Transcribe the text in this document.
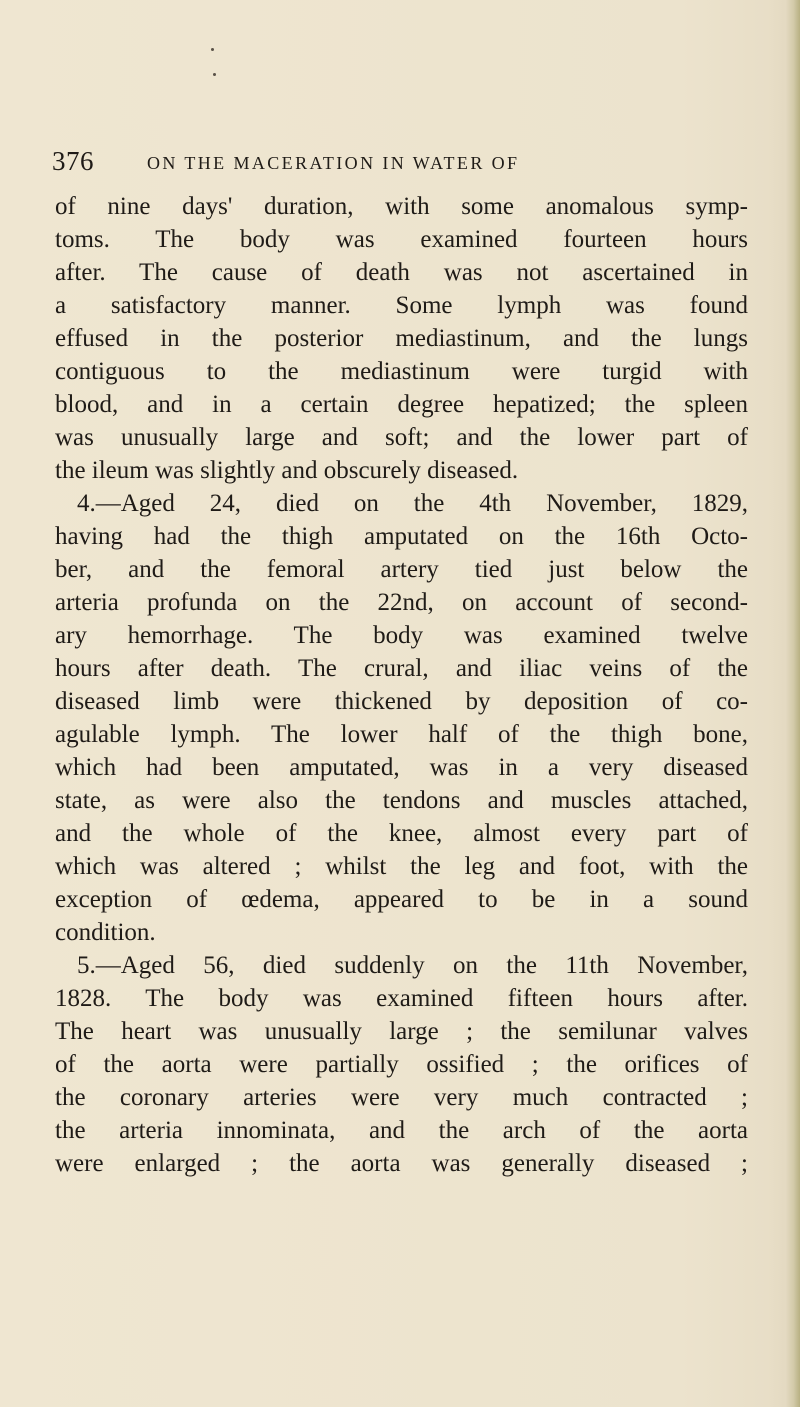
376	ON THE MACERATION IN WATER OF
of nine days' duration, with some anomalous symp-
toms. The body was examined fourteen hours
after. The cause of death was not ascertained in
a satisfactory manner. Some lymph was found
effused in the posterior mediastinum, and the lungs
contiguous to the mediastinum were turgid with
blood, and in a certain degree hepatized; the spleen
was unusually large and soft; and the lower part of
the ileum was slightly and obscurely diseased.
4.—Aged 24, died on the 4th November, 1829,
having had the thigh amputated on the 16th Octo-
ber, and the femoral artery tied just below the
arteria profunda on the 22nd, on account of second-
ary hemorrhage. The body was examined twelve
hours after death. The crural, and iliac veins of the
diseased limb were thickened by deposition of co-
agulable lymph. The lower half of the thigh bone,
which had been amputated, was in a very diseased
state, as were also the tendons and muscles attached,
and the whole of the knee, almost every part of
which was altered ; whilst the leg and foot, with the
exception of œdema, appeared to be in a sound
condition.
5.—Aged 56, died suddenly on the 11th November,
1828. The body was examined fifteen hours after.
The heart was unusually large ; the semilunar valves
of the aorta were partially ossified ; the orifices of
the coronary arteries were very much contracted ;
the arteria innominata, and the arch of the aorta
were enlarged ; the aorta was generally diseased ;
